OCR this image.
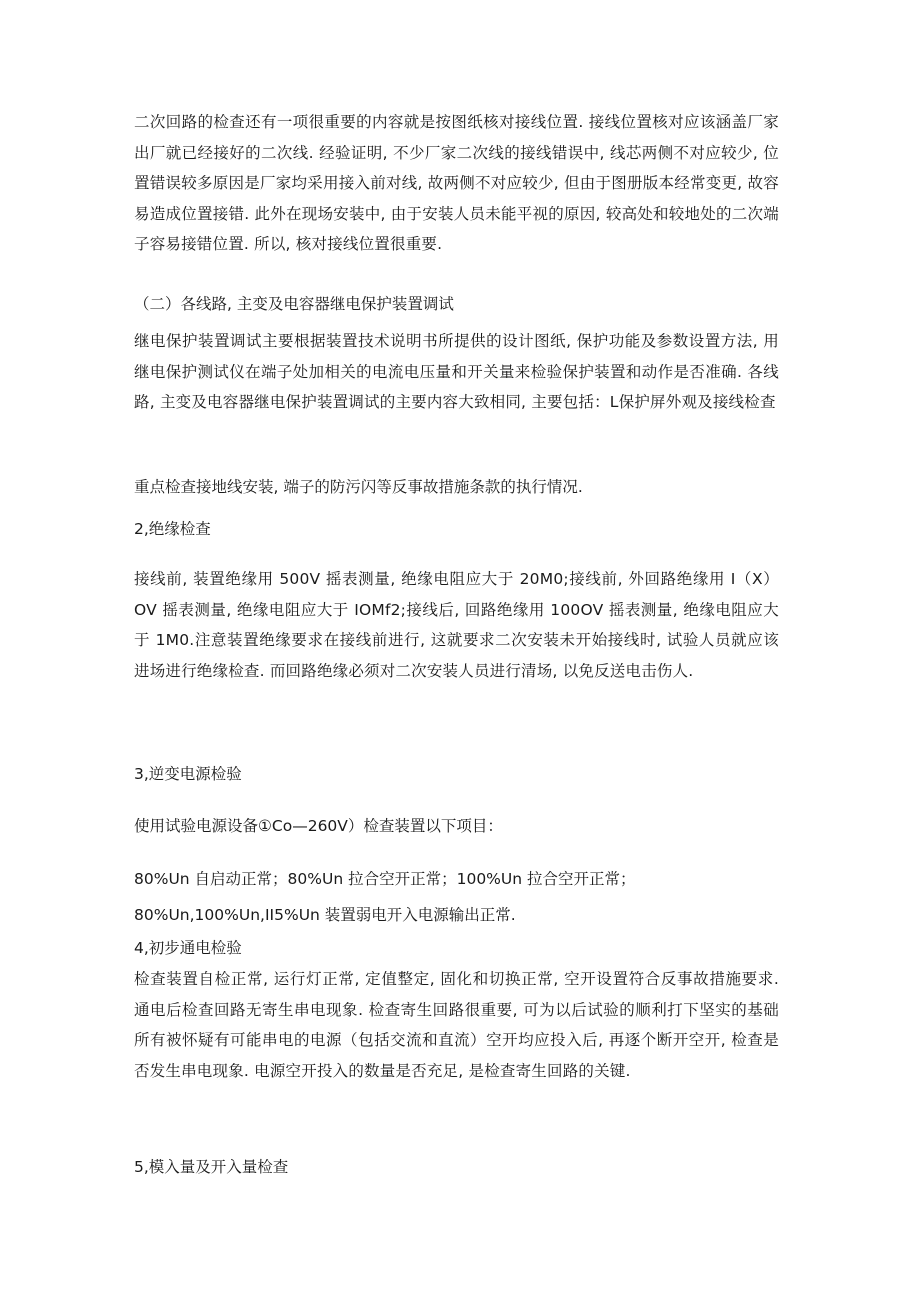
二次回路的检查还有一项很重要的内容就是按图纸核对接线位置. 接线位置核对应该涵盖厂家出厂就已经接好的二次线. 经验证明, 不少厂家二次线的接线错误中, 线芯两侧不对应较少, 位置错误较多原因是厂家均采用接入前对线, 故两侧不对应较少, 但由于图册版本经常变更, 故容易造成位置接错. 此外在现场安装中, 由于安装人员未能平视的原因, 较高处和较地处的二次端子容易接错位置. 所以, 核对接线位置很重要.

（二）各线路, 主变及电容器继电保护装置调试

继电保护装置调试主要根据装置技术说明书所提供的设计图纸, 保护功能及参数设置方法, 用继电保护测试仪在端子处加相关的电流电压量和开关量来检验保护装置和动作是否准确. 各线路, 主变及电容器继电保护装置调试的主要内容大致相同, 主要包括：L保护屏外观及接线检查

重点检查接地线安装, 端子的防污闪等反事故措施条款的执行情况.

2,绝缘检查

接线前, 装置绝缘用 500V 摇表测量, 绝缘电阻应大于 20M0;接线前, 外回路绝缘用 I（X）OV 摇表测量, 绝缘电阻应大于 IOMf2;接线后, 回路绝缘用 100OV 摇表测量, 绝缘电阻应大于 1M0.注意装置绝缘要求在接线前进行, 这就要求二次安装未开始接线时, 试验人员就应该进场进行绝缘检查. 而回路绝缘必须对二次安装人员进行清场, 以免反送电击伤人.

3,逆变电源检验

使用试验电源设备①Co—260V）检查装置以下项目：

80%Un 自启动正常；80%Un 拉合空开正常；100%Un 拉合空开正常；

80%Un,100%Un,II5%Un 装置弱电开入电源输出正常.

4,初步通电检验

检查装置自检正常, 运行灯正常, 定值整定, 固化和切换正常, 空开设置符合反事故措施要求. 通电后检查回路无寄生串电现象. 检查寄生回路很重要, 可为以后试验的顺利打下坚实的基础所有被怀疑有可能串电的电源（包括交流和直流）空开均应投入后, 再逐个断开空开, 检查是否发生串电现象. 电源空开投入的数量是否充足, 是检查寄生回路的关键.

5,模入量及开入量检查
